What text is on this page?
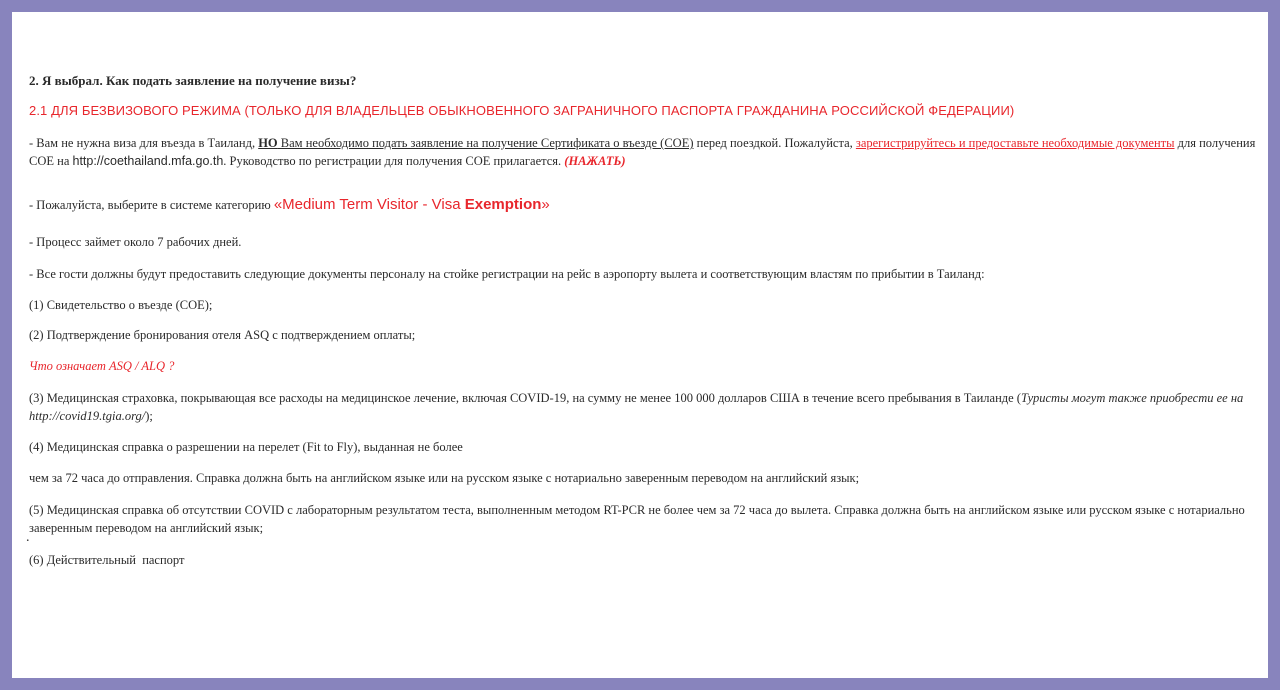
2. Я выбрал. Как подать заявление на получение визы?
2.1 ДЛЯ БЕЗВИЗОВОГО РЕЖИМА (ТОЛЬКО ДЛЯ ВЛАДЕЛЬЦЕВ ОБЫКНОВЕННОГО ЗАГРАНИЧНОГО ПАСПОРТА ГРАЖДАНИНА РОССИЙСКОЙ ФЕДЕРАЦИИ)
- Вам не нужна виза для въезда в Таиланд, НО Вам необходимо подать заявление на получение Сертификата о въезде (COE) перед поездкой. Пожалуйста, зарегистрируйтесь и предоставьте необходимые документы для получения COE на http://coethailand.mfa.go.th. Руководство по регистрации для получения COE прилагается. (НАЖАТЬ)
- Пожалуйста, выберите в системе категорию «Medium Term Visitor - Visa Exemption»
- Процесс займет около 7 рабочих дней.
- Все гости должны будут предоставить следующие документы персоналу на стойке регистрации на рейс в аэропорту вылета и соответствующим властям по прибытии в Таиланд:
(1) Свидетельство о въезде (COE);
(2) Подтверждение бронирования отеля ASQ с подтверждением оплаты;
Что означает ASQ / ALQ ?
(3) Медицинская страховка, покрывающая все расходы на медицинское лечение, включая COVID-19, на сумму не менее 100 000 долларов США в течение всего пребывания в Таиланде (Туристы могут также приобрести ее на http://covid19.tgia.org/);
(4) Медицинская справка о разрешении на перелет (Fit to Fly), выданная не более
чем за 72 часа до отправления. Справка должна быть на английском языке или на русском языке с нотариально заверенным переводом на английский язык;
(5) Медицинская справка об отсутствии COVID с лабораторным результатом теста, выполненным методом RT-PCR не более чем за 72 часа до вылета. Справка должна быть на английском языке или русском языке с нотариально заверенным переводом на английский язык;
(6) Действительный  паспорт
.
